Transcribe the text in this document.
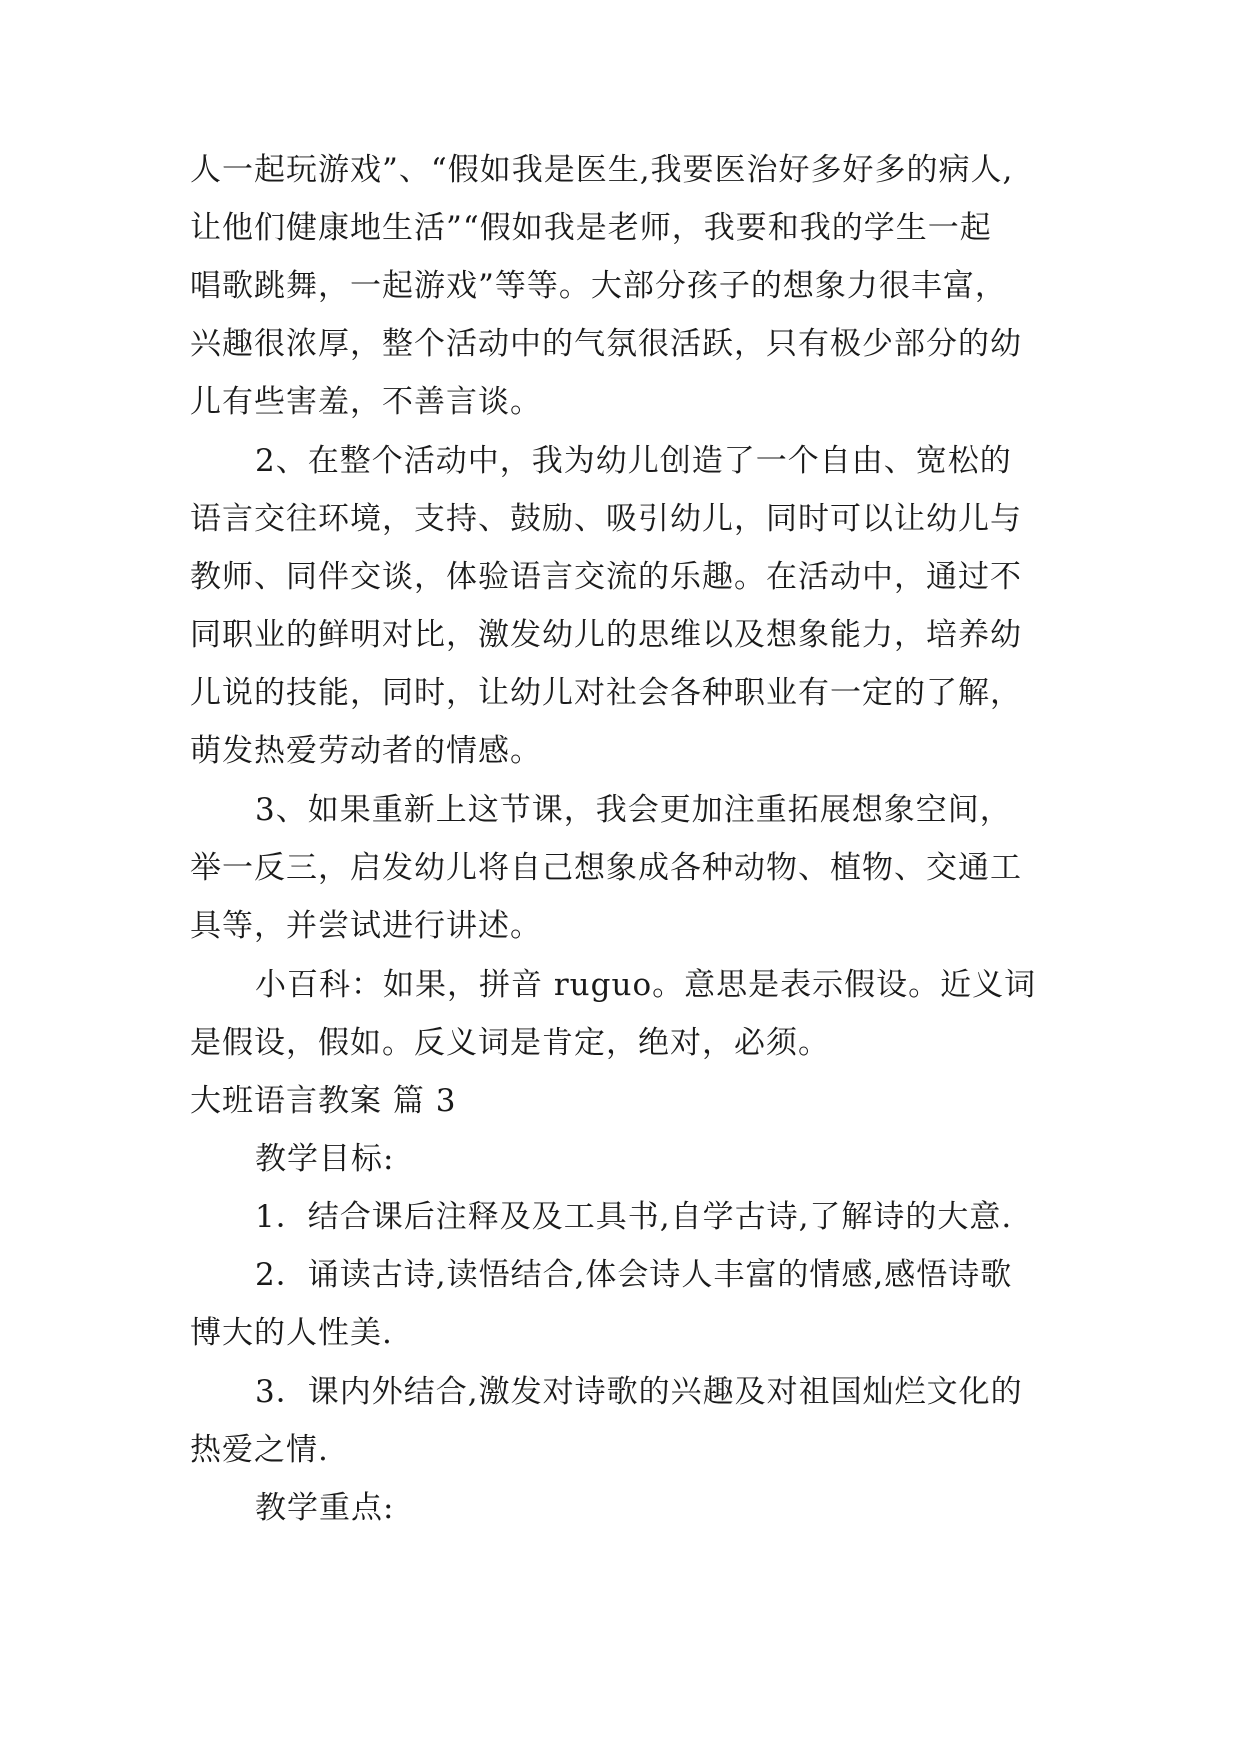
人一起玩游戏”、“假如我是医生,我要医治好多好多的病人,
让他们健康地生活”“假如我是老师，我要和我的学生一起
唱歌跳舞，一起游戏”等等。大部分孩子的想象力很丰富，
兴趣很浓厚，整个活动中的气氛很活跃，只有极少部分的幼
儿有些害羞，不善言谈。
2、在整个活动中，我为幼儿创造了一个自由、宽松的
语言交往环境，支持、鼓励、吸引幼儿，同时可以让幼儿与
教师、同伴交谈，体验语言交流的乐趣。在活动中，通过不
同职业的鲜明对比，激发幼儿的思维以及想象能力，培养幼
儿说的技能，同时，让幼儿对社会各种职业有一定的了解，
萌发热爱劳动者的情感。
3、如果重新上这节课，我会更加注重拓展想象空间，
举一反三，启发幼儿将自己想象成各种动物、植物、交通工
具等，并尝试进行讲述。
小百科：如果，拼音 ruguo。意思是表示假设。近义词
是假设，假如。反义词是肯定，绝对，必须。
大班语言教案 篇 3
教学目标:
1．结合课后注释及及工具书,自学古诗,了解诗的大意.
2．诵读古诗,读悟结合,体会诗人丰富的情感,感悟诗歌
博大的人性美.
3．课内外结合,激发对诗歌的兴趣及对祖国灿烂文化的
热爱之情.
教学重点:
